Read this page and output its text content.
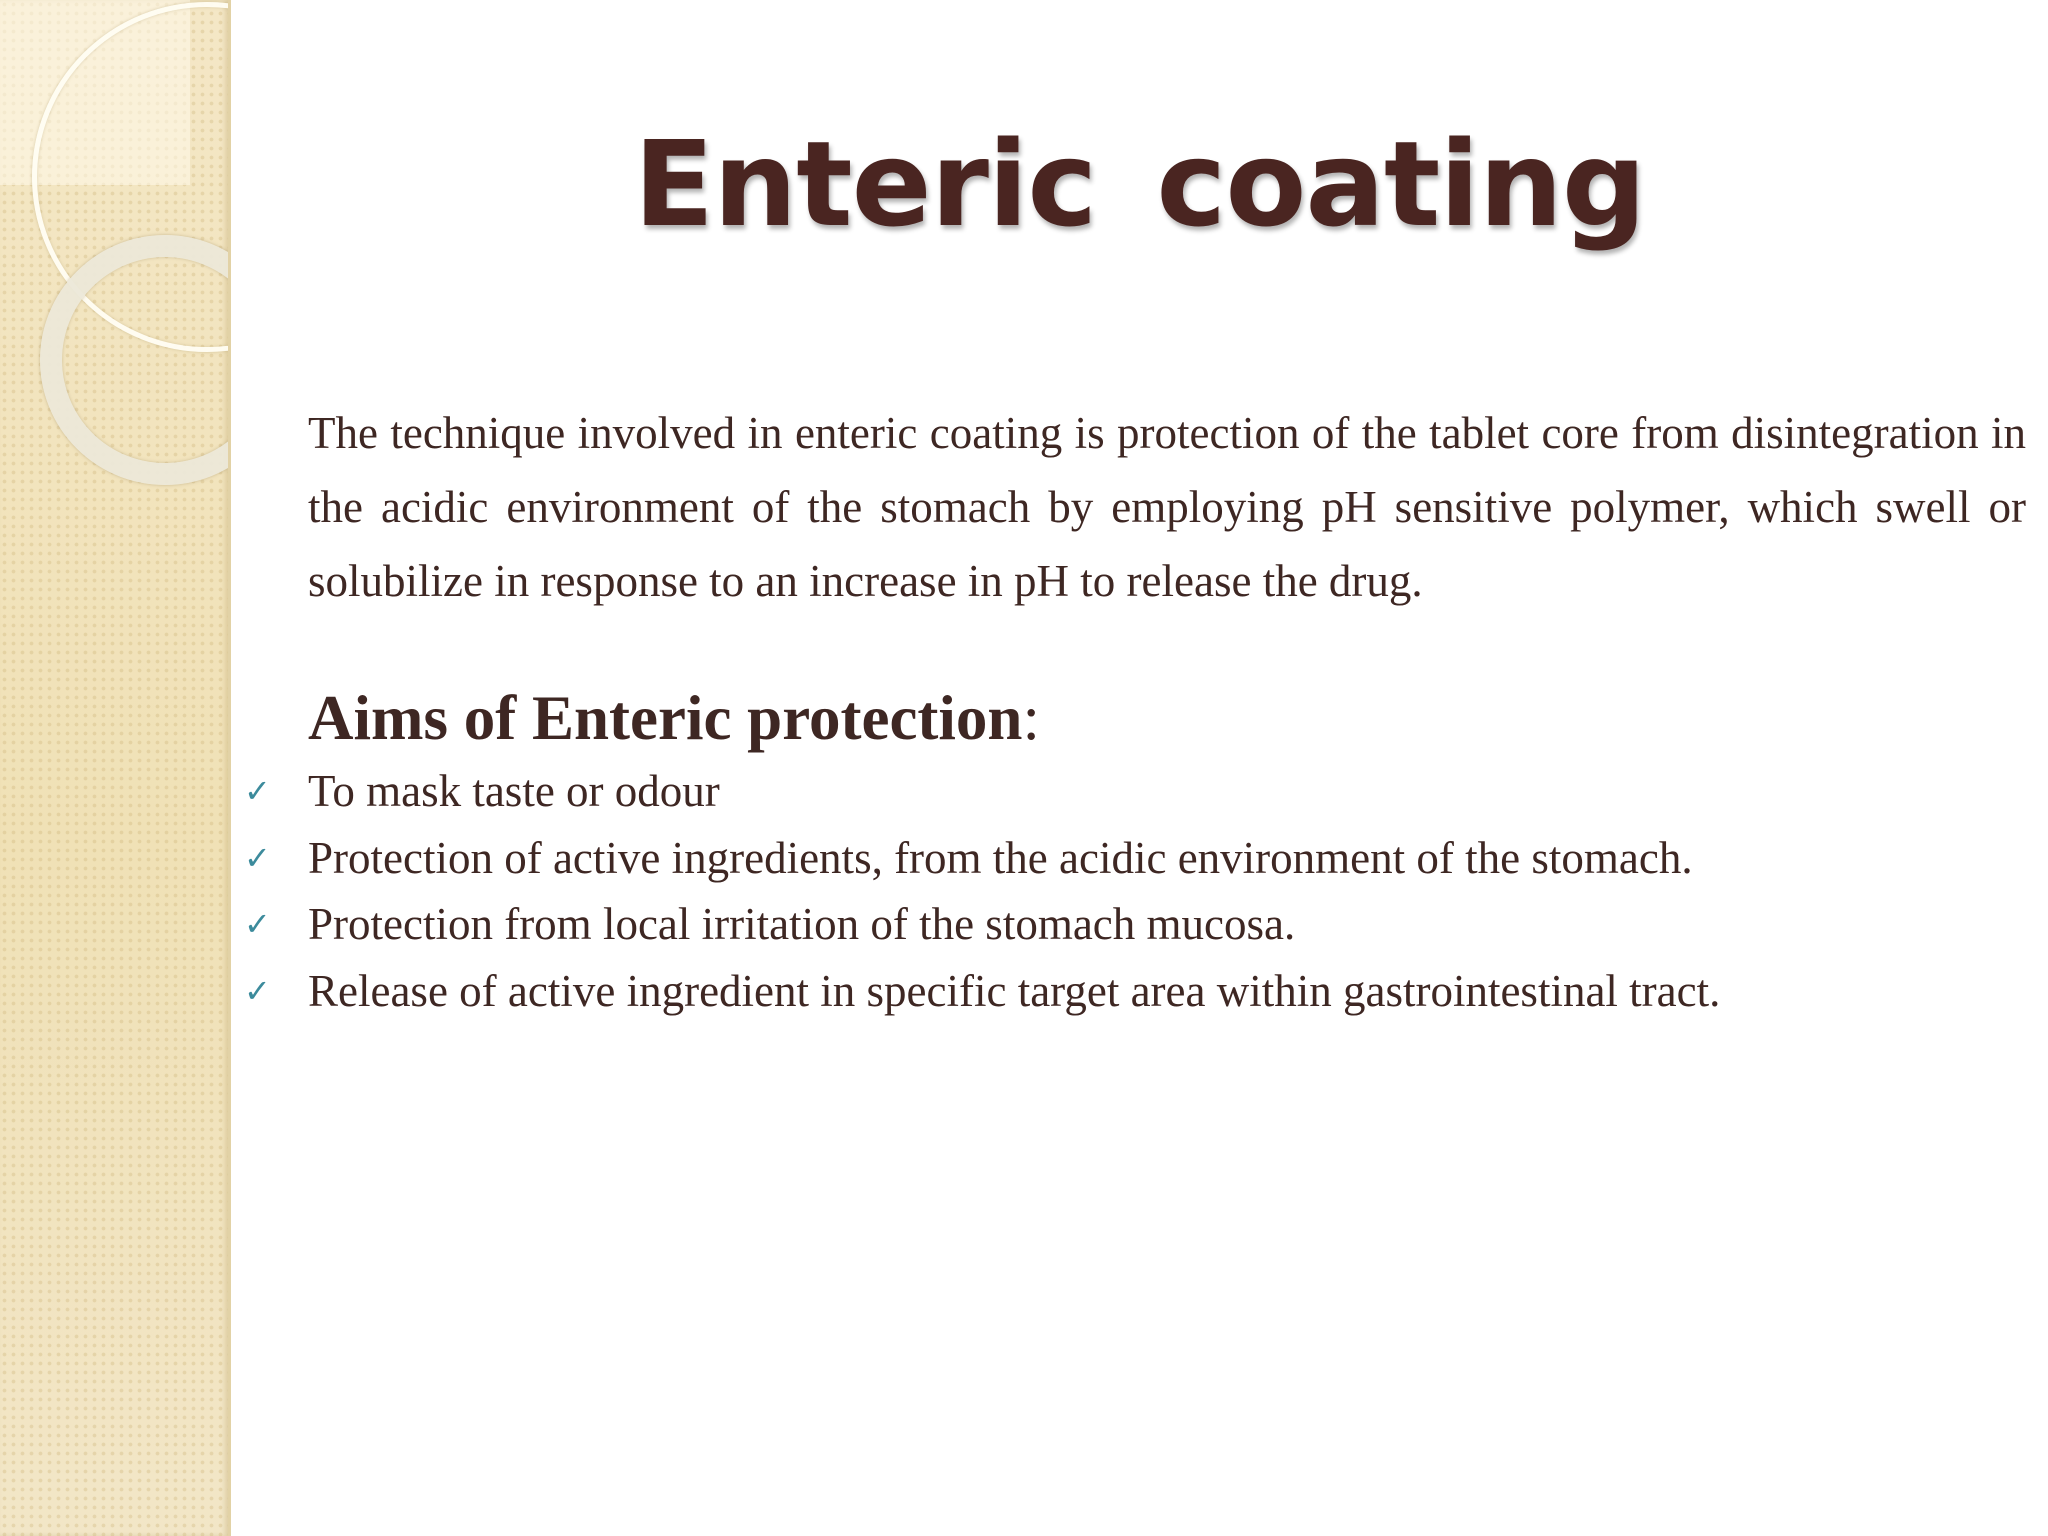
Enteric coating

The technique involved in enteric coating is protection of the tablet core from disintegration in the acidic environment of the stomach by employing pH sensitive polymer, which swell or solubilize in response to an increase in pH to release the drug.

Aims of Enteric protection:
✓ To mask taste or odour
✓ Protection of active ingredients, from the acidic environment of the stomach.
✓ Protection from local irritation of the stomach mucosa.
✓ Release of active ingredient in specific target area within gastrointestinal tract.
